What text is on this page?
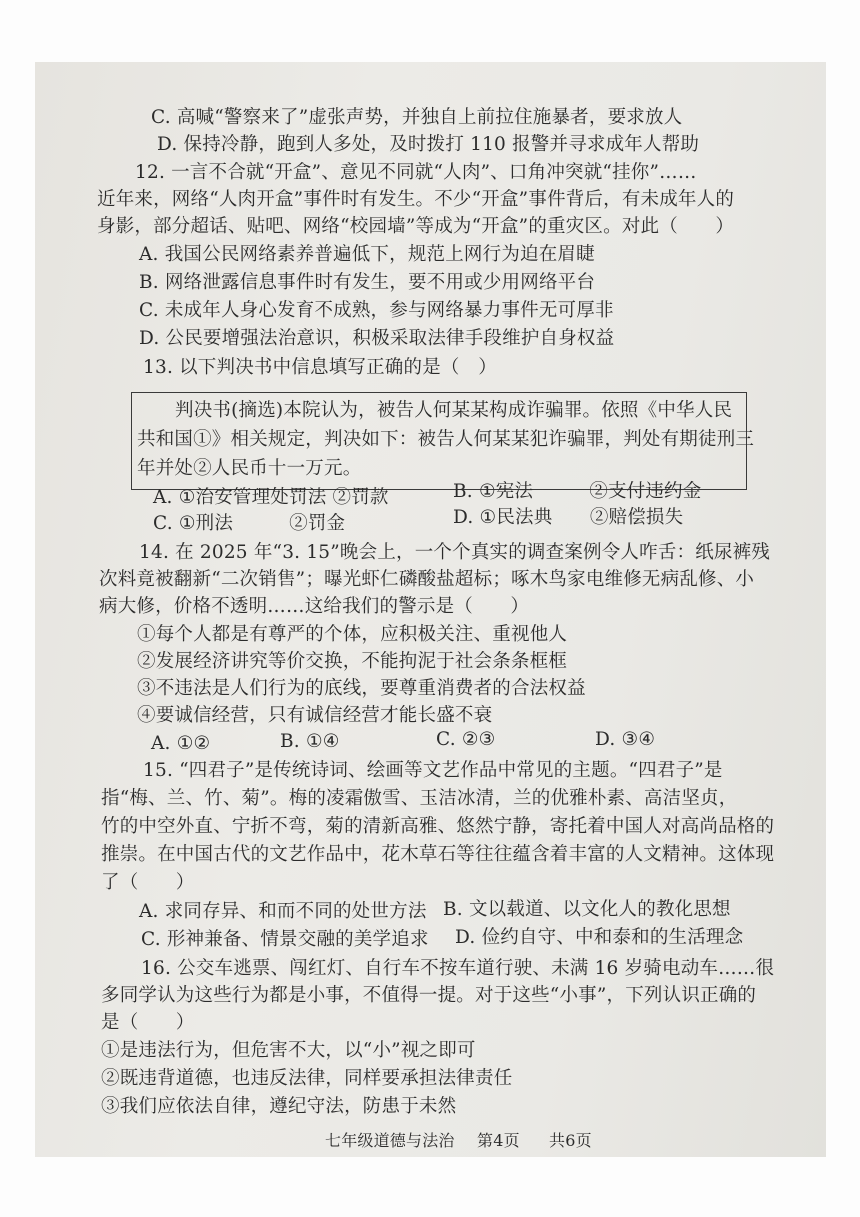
C. 高喊“警察来了”虚张声势，并独自上前拉住施暴者，要求放人
D. 保持冷静，跑到人多处，及时拨打 110 报警并寻求成年人帮助
12. 一言不合就“开盒”、意见不同就“人肉”、口角冲突就“挂你”……
近年来，网络“人肉开盒”事件时有发生。不少“开盒”事件背后，有未成年人的
身影，部分超话、贴吧、网络“校园墙”等成为“开盒”的重灾区。对此（　　）
A. 我国公民网络素养普遍低下，规范上网行为迫在眉睫
B. 网络泄露信息事件时有发生，要不用或少用网络平台
C. 未成年人身心发育不成熟，参与网络暴力事件无可厚非
D. 公民要增强法治意识，积极采取法律手段维护自身权益
13. 以下判决书中信息填写正确的是（　）
判决书(摘选)本院认为，被告人何某某构成诈骗罪。依照《中华人民
共和国①》相关规定，判决如下：被告人何某某犯诈骗罪，判处有期徒刑三
年并处②人民币十一万元。
A. ①治安管理处罚法 ②罚款	B. ①宪法　　　②支付违约金
C. ①刑法　　　②罚金	D. ①民法典　　②赔偿损失
14. 在 2025 年“3. 15”晚会上，一个个真实的调查案例令人咋舌：纸尿裤残
次料竟被翻新“二次销售”；曝光虾仁磷酸盐超标；啄木鸟家电维修无病乱修、小
病大修，价格不透明……这给我们的警示是（　　）
①每个人都是有尊严的个体，应积极关注、重视他人
②发展经济讲究等价交换，不能拘泥于社会条条框框
③不违法是人们行为的底线，要尊重消费者的合法权益
④要诚信经营，只有诚信经营才能长盛不衰
A. ①②	B. ①④	C. ②③	D. ③④
15. “四君子”是传统诗词、绘画等文艺作品中常见的主题。“四君子”是
指“梅、兰、竹、菊”。梅的凌霜傲雪、玉洁冰清，兰的优雅朴素、高洁坚贞，
竹的中空外直、宁折不弯，菊的清新高雅、悠然宁静，寄托着中国人对高尚品格的
推崇。在中国古代的文艺作品中，花木草石等往往蕴含着丰富的人文精神。这体现
了（　　）
A. 求同存异、和而不同的处世方法 B. 文以载道、以文化人的教化思想
C. 形神兼备、情景交融的美学追求 D. 俭约自守、中和泰和的生活理念
16. 公交车逃票、闯红灯、自行车不按车道行驶、未满 16 岁骑电动车……很
多同学认为这些行为都是小事，不值得一提。对于这些“小事”，下列认识正确的
是（　　）
①是违法行为，但危害不大，以“小”视之即可
②既违背道德，也违反法律，同样要承担法律责任
③我们应依法自律，遵纪守法，防患于未然
七年级道德与法治 第4页 共6页
